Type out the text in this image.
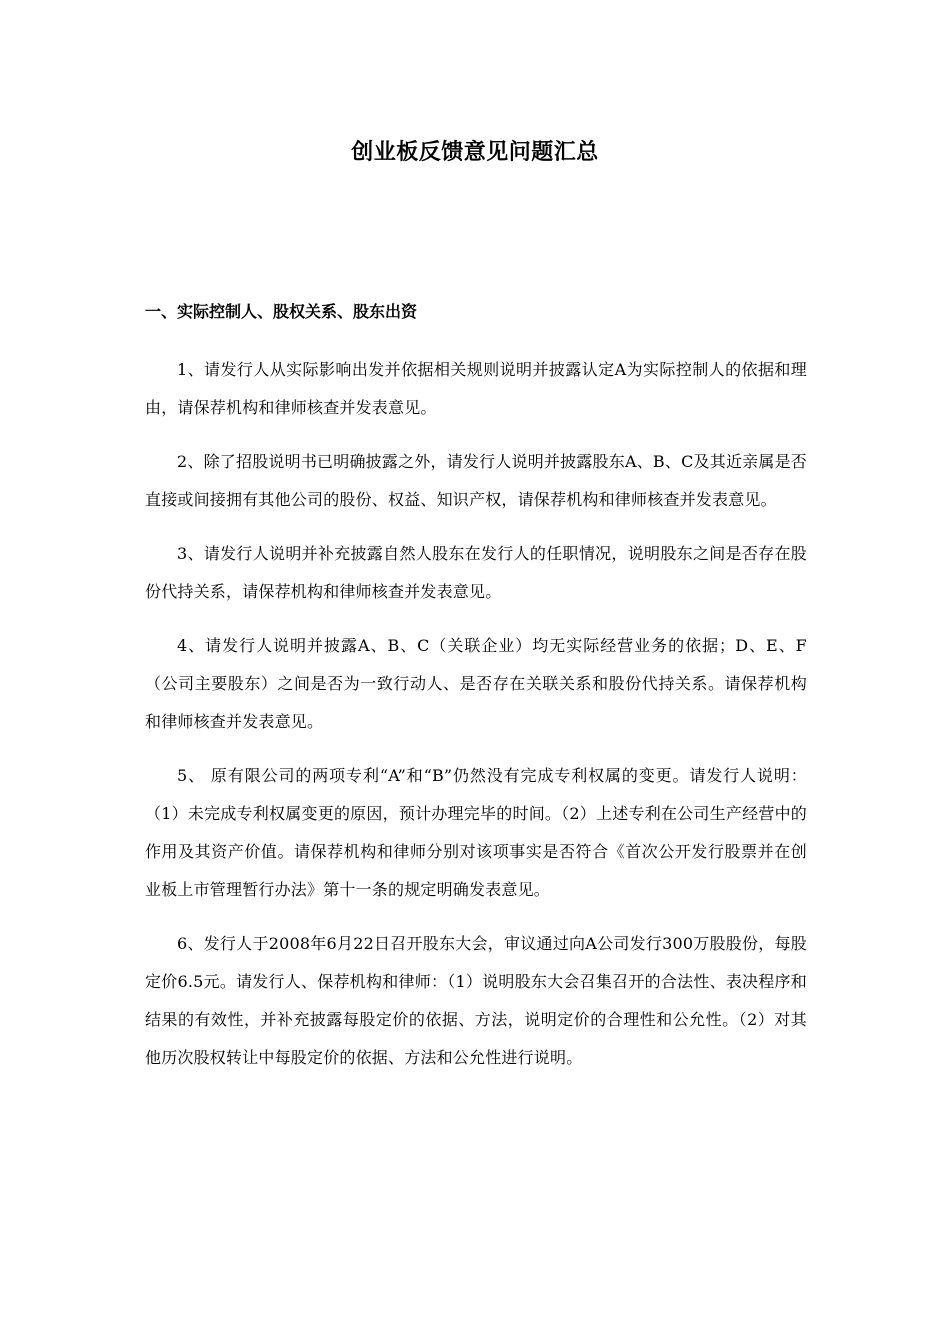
创业板反馈意见问题汇总
一、实际控制人、股权关系、股东出资

1、请发行人从实际影响出发并依据相关规则说明并披露认定A为实际控制人的依据和理由，请保荐机构和律师核查并发表意见。

2、除了招股说明书已明确披露之外，请发行人说明并披露股东A、B、C及其近亲属是否直接或间接拥有其他公司的股份、权益、知识产权，请保荐机构和律师核查并发表意见。

3、请发行人说明并补充披露自然人股东在发行人的任职情况，说明股东之间是否存在股份代持关系，请保荐机构和律师核查并发表意见。

4、请发行人说明并披露A、B、C（关联企业）均无实际经营业务的依据；D、E、F（公司主要股东）之间是否为一致行动人、是否存在关联关系和股份代持关系。请保荐机构和律师核查并发表意见。

5、 原有限公司的两项专利“A”和“B”仍然没有完成专利权属的变更。请发行人说明：（1）未完成专利权属变更的原因，预计办理完毕的时间。（2）上述专利在公司生产经营中的作用及其资产价值。请保荐机构和律师分别对该项事实是否符合《首次公开发行股票并在创业板上市管理暂行办法》第十一条的规定明确发表意见。

6、发行人于2008年6月22日召开股东大会，审议通过向A公司发行300万股股份，每股定价6.5元。请发行人、保荐机构和律师：（1）说明股东大会召集召开的合法性、表决程序和结果的有效性，并补充披露每股定价的依据、方法，说明定价的合理性和公允性。（2）对其他历次股权转让中每股定价的依据、方法和公允性进行说明。
